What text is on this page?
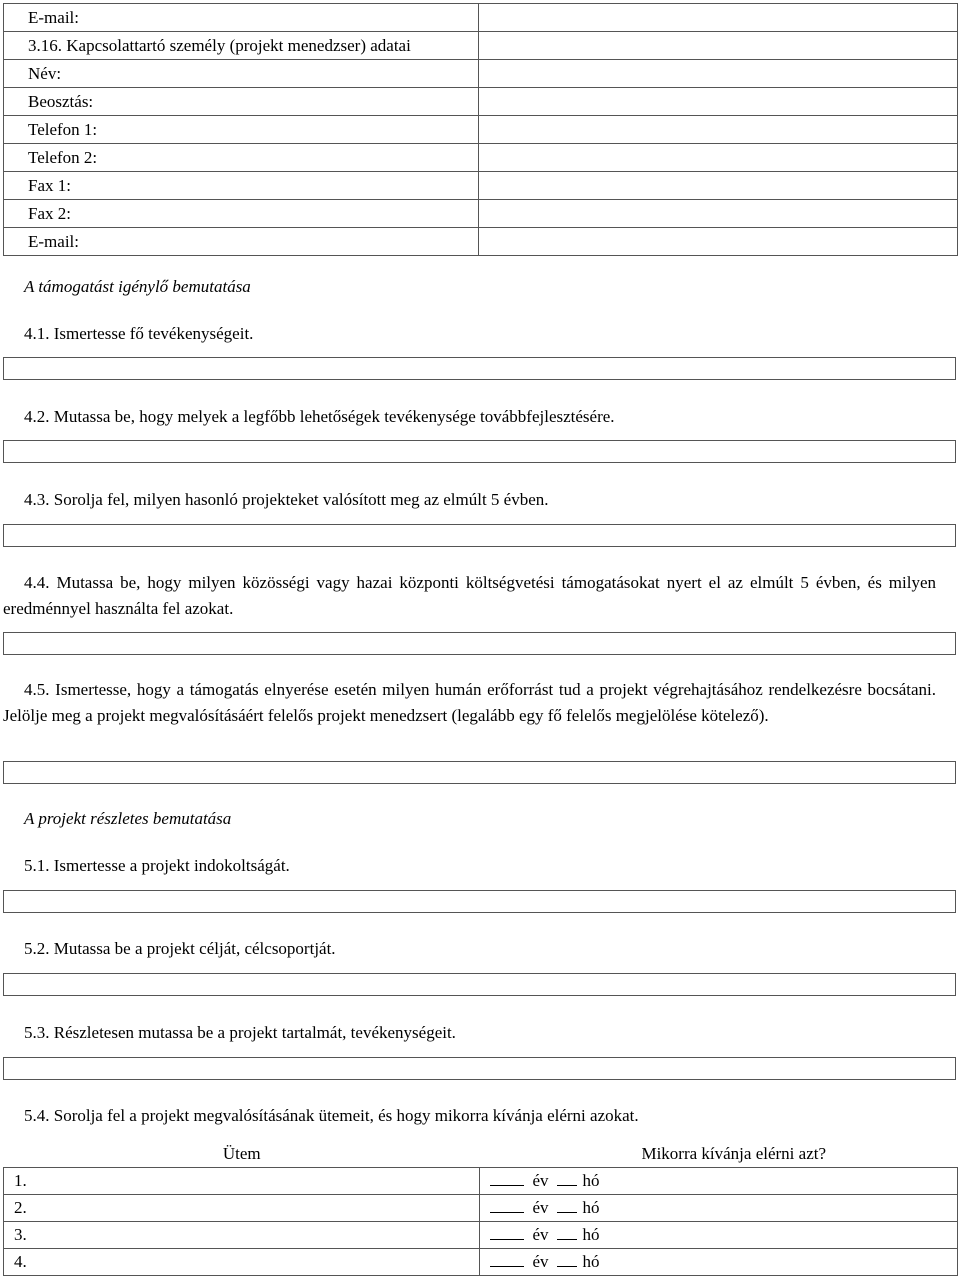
E-mail:	
3.16. Kapcsolattartó személy (projekt menedzser) adatai	
Név:	
Beosztás:	
Telefon 1:	
Telefon 2:	
Fax 1:	
Fax 2:	
E-mail:	
A támogatást igénylő bemutatása
4.1. Ismertesse fő tevékenységeit.
4.2. Mutassa be, hogy melyek a legfőbb lehetőségek tevékenysége továbbfejlesztésére.
4.3. Sorolja fel, milyen hasonló projekteket valósított meg az elmúlt 5 évben.
4.4. Mutassa be, hogy milyen közösségi vagy hazai központi költségvetési támogatásokat nyert el az elmúlt 5 évben, és milyen eredménnyel használta fel azokat.
4.5. Ismertesse, hogy a támogatás elnyerése esetén milyen humán erőforrást tud a projekt végrehajtásához rendelkezésre bocsátani. Jelölje meg a projekt megvalósításáért felelős projekt menedzsert (legalább egy fő felelős megjelölése kötelező).
A projekt részletes bemutatása
5.1. Ismertesse a projekt indokoltságát.
5.2. Mutassa be a projekt célját, célcsoportját.
5.3. Részletesen mutassa be a projekt tartalmát, tevékenységeit.
5.4. Sorolja fel a projekt megvalósításának ütemeit, és hogy mikorra kívánja elérni azokat.
Ütem	Mikorra kívánja elérni azt?
1.	év hó
2.	év hó
3.	év hó
4.	év hó
